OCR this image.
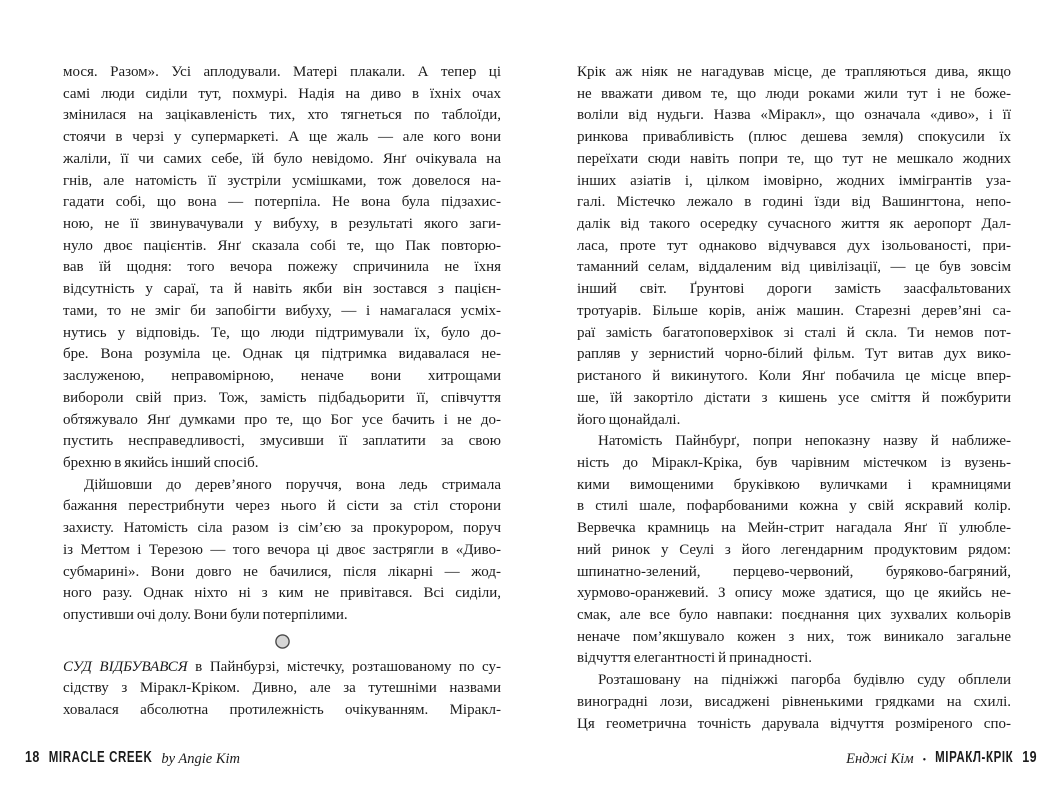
мося. Разом». Усі аплодували. Матері плакали. А тепер ці
самі люди сиділи тут, похмурі. Надія на диво в їхніх очах
змінилася на зацікавленість тих, хто тягнеться по таблоїди,
стоячи в черзі у супермаркеті. А ще жаль — але кого вони
жаліли, її чи самих себе, їй було невідомо. Янґ очікувала на
гнів, але натомість її зустріли усмішками, тож довелося на-
гадати собі, що вона — потерпіла. Не вона була підзахис-
ною, не її звинувачували у вибуху, в результаті якого заги-
нуло двоє пацієнтів. Янґ сказала собі те, що Пак повторю-
вав їй щодня: того вечора пожежу спричинила не їхня
відсутність у сараї, та й навіть якби він зостався з пацієн-
тами, то не зміг би запобігти вибуху, — і намагалася усміх-
нутись у відповідь. Те, що люди підтримували їх, було до-
бре. Вона розуміла це. Однак ця підтримка видавалася не-
заслуженою, неправомірною, неначе вони хитрощами
вибороли свій приз. Тож, замість підбадьорити її, співчуття
обтяжувало Янґ думками про те, що Бог усе бачить і не до-
пустить несправедливості, змусивши її заплатити за свою
брехню в якийсь інший спосіб.
Дійшовши до дерев’яного поруччя, вона ледь стримала
бажання перестрибнути через нього й сісти за стіл сторони
захисту. Натомість сіла разом із сім’єю за прокурором, поруч
із Меттом і Терезою — того вечора ці двоє застрягли в «Диво-
субмарині». Вони довго не бачилися, після лікарні — жод-
ного разу. Однак ніхто ні з ким не привітався. Всі сиділи,
опустивши очі долу. Вони були потерпілими.
СУД ВІДБУВАВСЯ в Пайнбурзі, містечку, розташованому по су-
сідству з Міракл-Кріком. Дивно, але за тутешніми назвами
ховалася абсолютна протилежність очікуванням. Міракл-
Крік аж ніяк не нагадував місце, де трапляються дива, якщо
не вважати дивом те, що люди роками жили тут і не боже-
воліли від нудьги. Назва «Міракл», що означала «диво», і її
ринкова привабливість (плюс дешева земля) спокусили їх
переїхати сюди навіть попри те, що тут не мешкало жодних
інших азіатів і, цілком імовірно, жодних іммігрантів уза-
галі. Містечко лежало в годині їзди від Вашингтона, непо-
далік від такого осередку сучасного життя як аеропорт Дал-
ласа, проте тут однаково відчувався дух ізольованості, при-
таманний селам, віддаленим від цивілізації, — це був зовсім
інший світ. Ґрунтові дороги замість заасфальтованих
тротуарів. Більше корів, аніж машин. Старезні дерев’яні са-
раї замість багатоповерхівок зі сталі й скла. Ти немов пот-
рапляв у зернистий чорно-білий фільм. Тут витав дух вико-
ристаного й викинутого. Коли Янґ побачила це місце впер-
ше, їй закортіло дістати з кишень усе сміття й пожбурити
його щонайдалі.
Натомість Пайнбурґ, попри непоказну назву й наближе-
ність до Міракл-Кріка, був чарівним містечком із вузень-
кими вимощеними бруківкою вуличками і крамницями
в стилі шале, пофарбованими кожна у свій яскравий колір.
Вервечка крамниць на Мейн-стрит нагадала Янґ її улюбле-
ний ринок у Сеулі з його легендарним продуктовим рядом:
шпинатно-зелений, перцево-червоний, буряково-багряний,
хурмово-оранжевий. З опису може здатися, що це якийсь не-
смак, але все було навпаки: поєднання цих зухвалих кольорів
неначе пом’якшувало кожен з них, тож виникало загальне
відчуття елегантності й принадності.
Розташовану на підніжжі пагорба будівлю суду обплели
виноградні лози, висаджені рівненькими грядками на схилі.
Ця геометрична точність дарувала відчуття розміреного спо-
18 MIRACLE CREEK by Angie Kim	Енджі Кім • МІРАКЛ-КРІК 19
